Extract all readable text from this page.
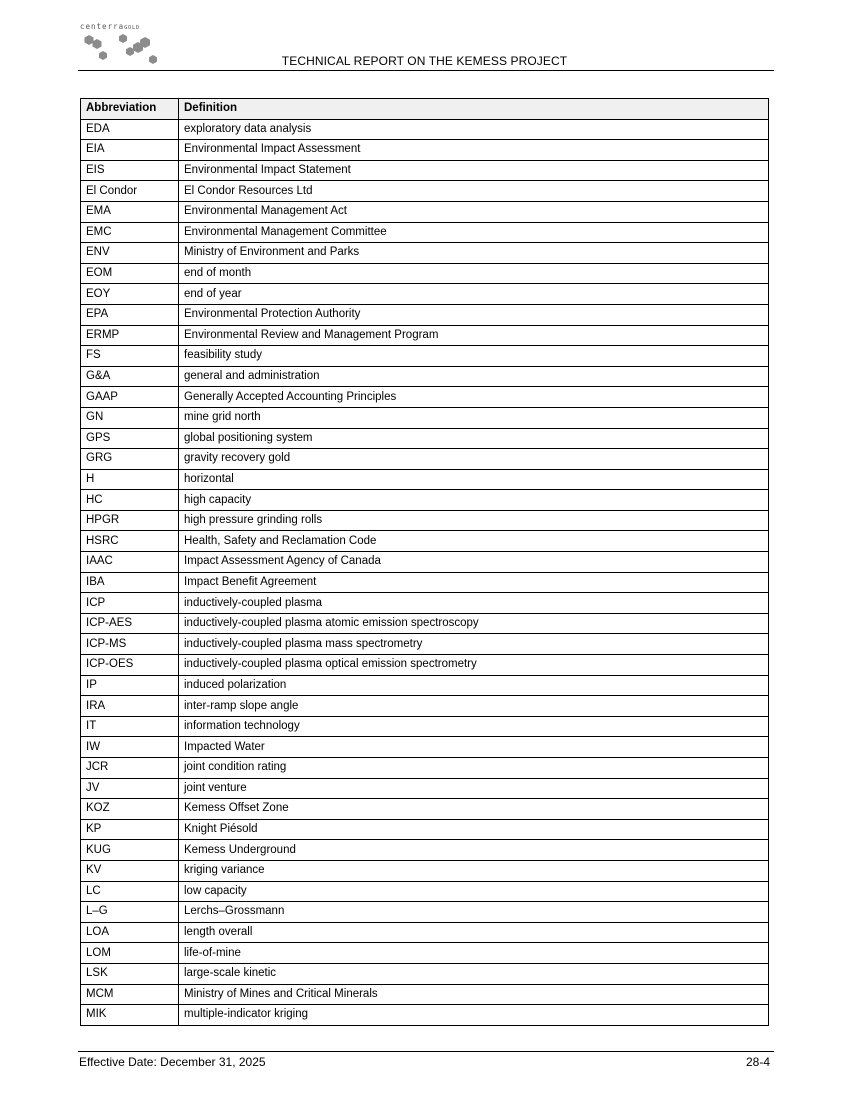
centerraGOLD
TECHNICAL REPORT ON THE KEMESS PROJECT
Abbreviation	Definition
EDA	exploratory data analysis
EIA	Environmental Impact Assessment
EIS	Environmental Impact Statement
El Condor	El Condor Resources Ltd
EMA	Environmental Management Act
EMC	Environmental Management Committee
ENV	Ministry of Environment and Parks
EOM	end of month
EOY	end of year
EPA	Environmental Protection Authority
ERMP	Environmental Review and Management Program
FS	feasibility study
G&A	general and administration
GAAP	Generally Accepted Accounting Principles
GN	mine grid north
GPS	global positioning system
GRG	gravity recovery gold
H	horizontal
HC	high capacity
HPGR	high pressure grinding rolls
HSRC	Health, Safety and Reclamation Code
IAAC	Impact Assessment Agency of Canada
IBA	Impact Benefit Agreement
ICP	inductively-coupled plasma
ICP-AES	inductively-coupled plasma atomic emission spectroscopy
ICP-MS	inductively-coupled plasma mass spectrometry
ICP-OES	inductively-coupled plasma optical emission spectrometry
IP	induced polarization
IRA	inter-ramp slope angle
IT	information technology
IW	Impacted Water
JCR	joint condition rating
JV	joint venture
KOZ	Kemess Offset Zone
KP	Knight Piésold
KUG	Kemess Underground
KV	kriging variance
LC	low capacity
L–G	Lerchs–Grossmann
LOA	length overall
LOM	life-of-mine
LSK	large-scale kinetic
MCM	Ministry of Mines and Critical Minerals
MIK	multiple-indicator kriging
Effective Date: December 31, 2025	28-4
